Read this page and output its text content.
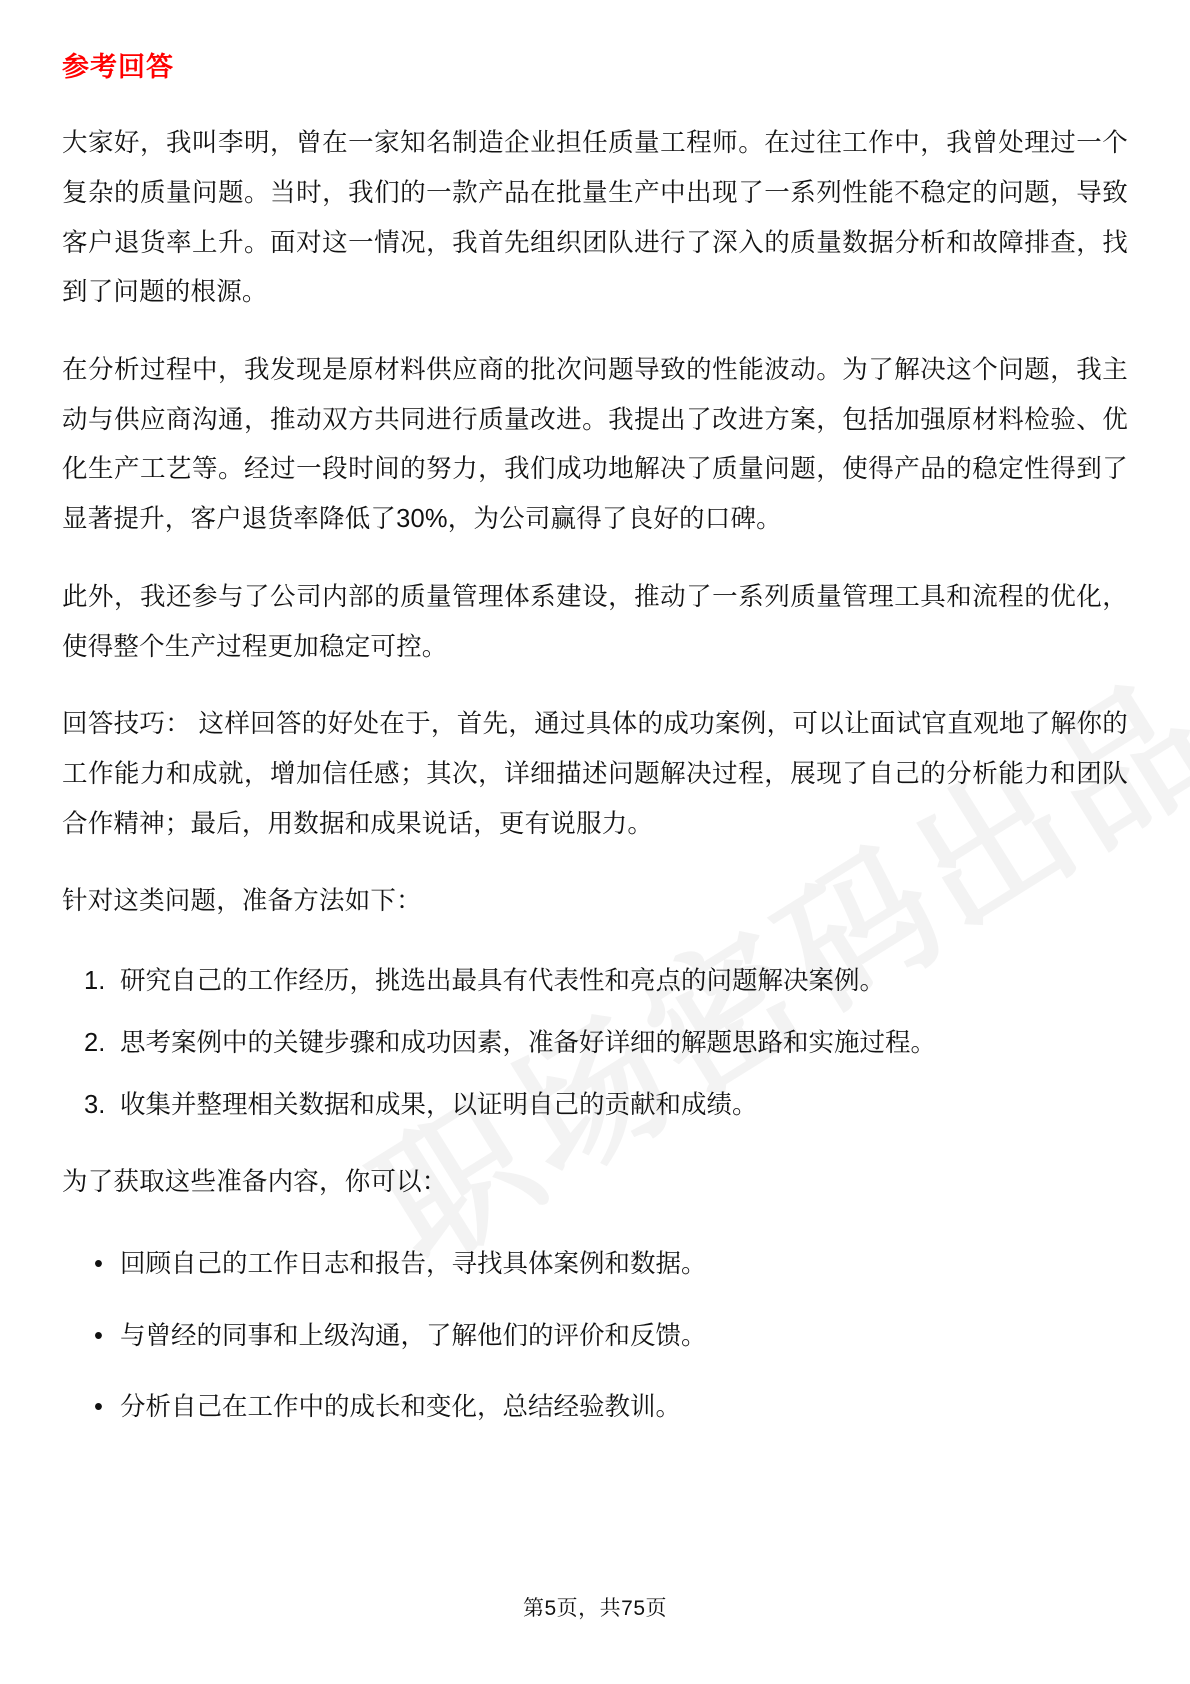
参考回答

大家好，我叫李明，曾在一家知名制造企业担任质量工程师。在过往工作中，我曾处理过一个复杂的质量问题。当时，我们的一款产品在批量生产中出现了一系列性能不稳定的问题，导致客户退货率上升。面对这一情况，我首先组织团队进行了深入的质量数据分析和故障排查，找到了问题的根源。

在分析过程中，我发现是原材料供应商的批次问题导致的性能波动。为了解决这个问题，我主动与供应商沟通，推动双方共同进行质量改进。我提出了改进方案，包括加强原材料检验、优化生产工艺等。经过一段时间的努力，我们成功地解决了质量问题，使得产品的稳定性得到了显著提升，客户退货率降低了30%，为公司赢得了良好的口碑。

此外，我还参与了公司内部的质量管理体系建设，推动了一系列质量管理工具和流程的优化，使得整个生产过程更加稳定可控。

回答技巧： 这样回答的好处在于，首先，通过具体的成功案例，可以让面试官直观地了解你的工作能力和成就，增加信任感；其次，详细描述问题解决过程，展现了自己的分析能力和团队合作精神；最后，用数据和成果说话，更有说服力。

针对这类问题，准备方法如下：

研究自己的工作经历，挑选出最具有代表性和亮点的问题解决案例。
思考案例中的关键步骤和成功因素，准备好详细的解题思路和实施过程。
收集并整理相关数据和成果，以证明自己的贡献和成绩。

为了获取这些准备内容，你可以：

• 回顾自己的工作日志和报告，寻找具体案例和数据。
• 与曾经的同事和上级沟通，了解他们的评价和反馈。
• 分析自己在工作中的成长和变化，总结经验教训。
第5页，共75页
